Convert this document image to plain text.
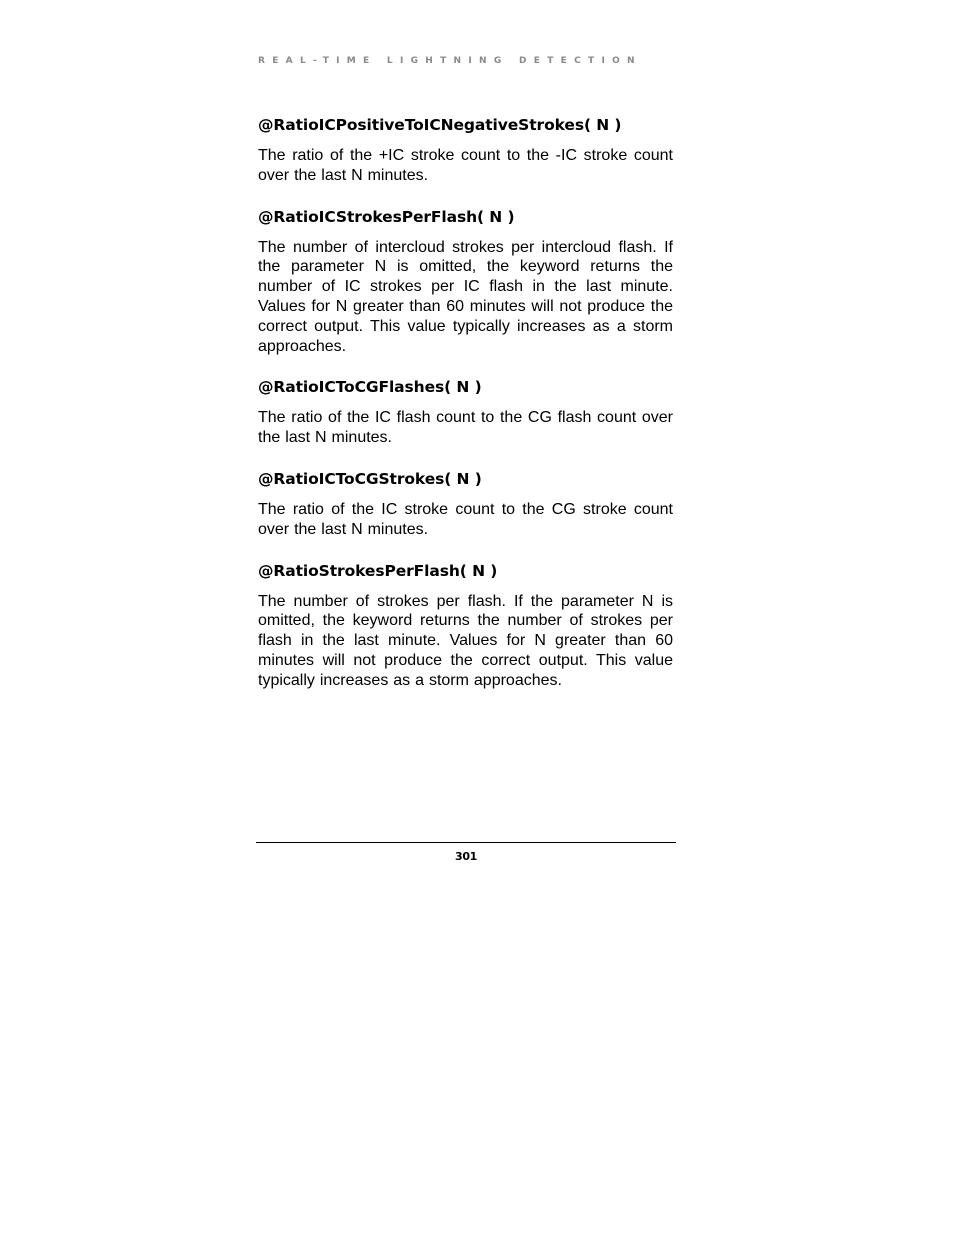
REAL-TIME LIGHTNING DETECTION
@RatioICPositiveToICNegativeStrokes( N )

The ratio of the +IC stroke count to the -IC stroke count over the last N minutes.

@RatioICStrokesPerFlash( N )

The number of intercloud strokes per intercloud flash. If the parameter N is omitted, the keyword returns the number of IC strokes per IC flash in the last minute. Values for N greater than 60 minutes will not produce the correct output. This value typically increases as a storm approaches.

@RatioICToCGFlashes( N )

The ratio of the IC flash count to the CG flash count over the last N minutes.

@RatioICToCGStrokes( N )

The ratio of the IC stroke count to the CG stroke count over the last N minutes.

@RatioStrokesPerFlash( N )

The number of strokes per flash. If the parameter N is omitted, the keyword returns the number of strokes per flash in the last minute. Values for N greater than 60 minutes will not produce the correct output. This value typically increases as a storm approaches.

301
